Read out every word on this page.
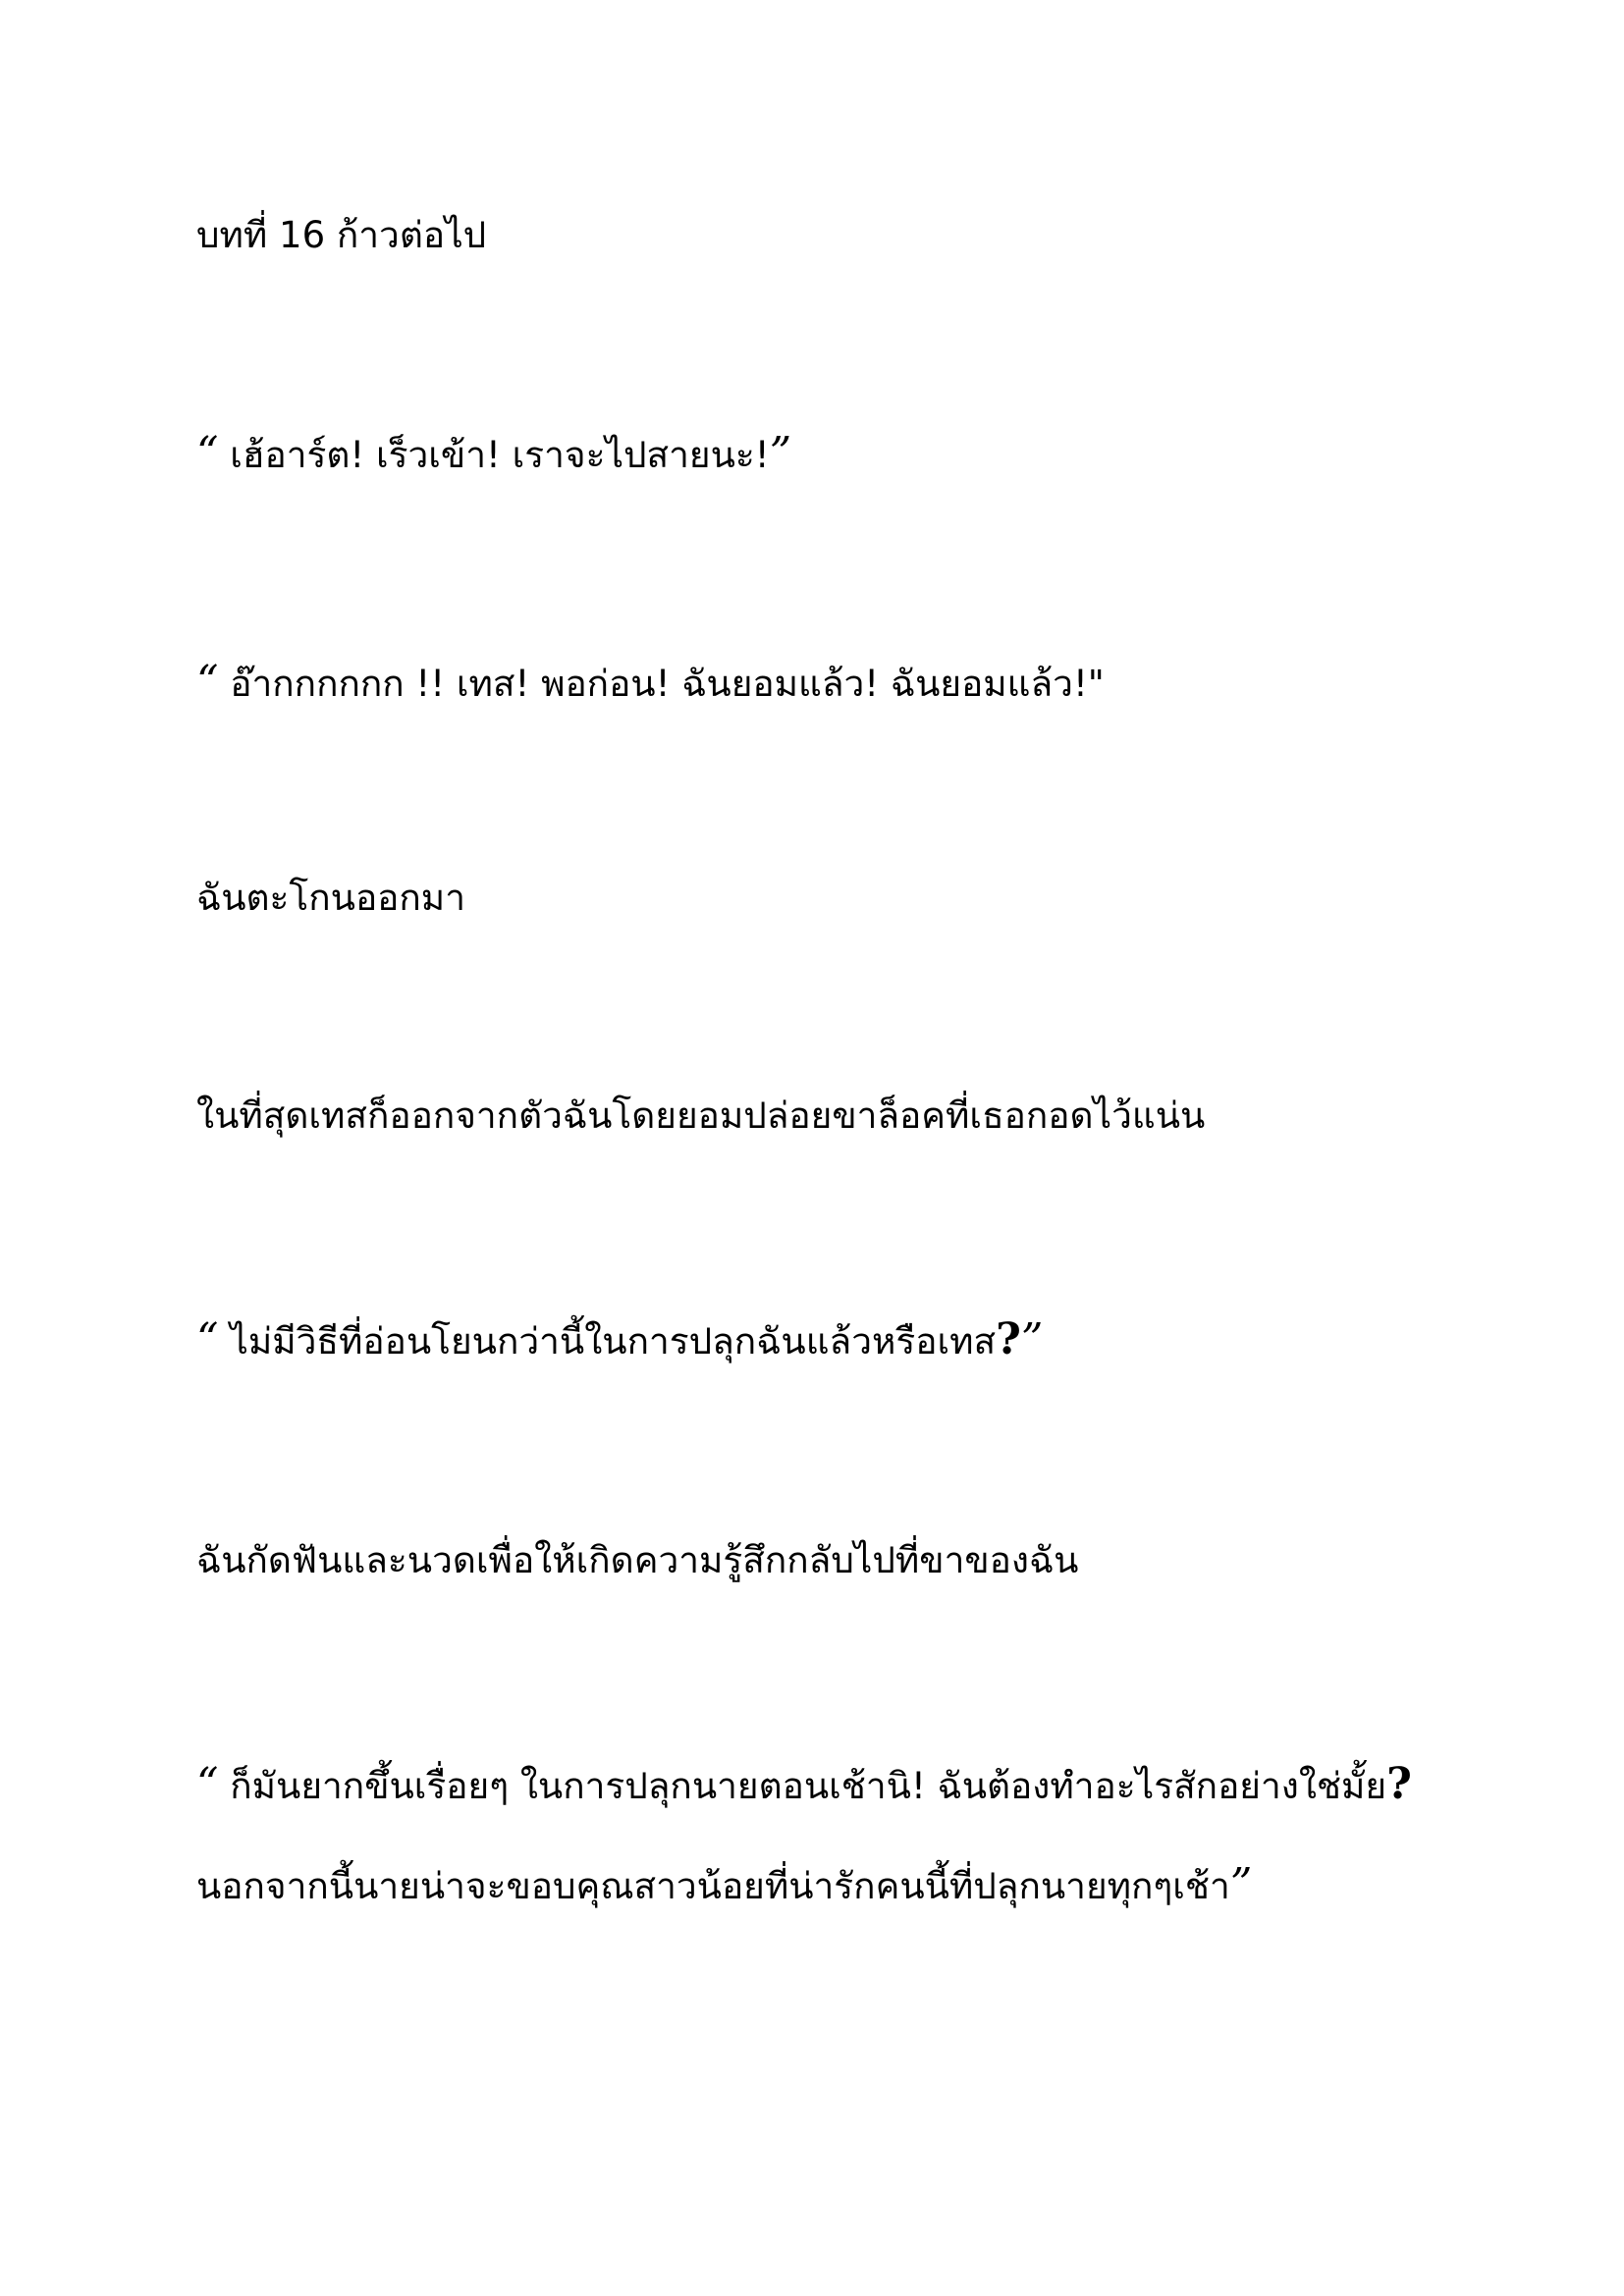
บทที่ 16 ก้าวต่อไป
“ เฮ้อาร์ต! เร็วเข้า! เราจะไปสายนะ!”
“ อ๊ากกกกกก !! เทส! พอก่อน! ฉันยอมแล้ว! ฉันยอมแล้ว!"
ฉันตะโกนออกมา
ในที่สุดเทสก็ออกจากตัวฉันโดยยอมปล่อยขาล็อคที่เธอกอดไว้แน่น
“ ไม่มีวิธีที่อ่อนโยนกว่านี้ในการปลุกฉันแล้วหรือเทส?”
ฉันกัดฟันและนวดเพื่อให้เกิดความรู้สึกกลับไปที่ขาของฉัน
“ ก็มันยากขึ้นเรื่อยๆ ในการปลุกนายตอนเช้านิ! ฉันต้องทำอะไรสักอย่างใช่มั้ย?
นอกจากนี้นายน่าจะขอบคุณสาวน้อยที่น่ารักคนนี้ที่ปลุกนายทุกๆเช้า”
